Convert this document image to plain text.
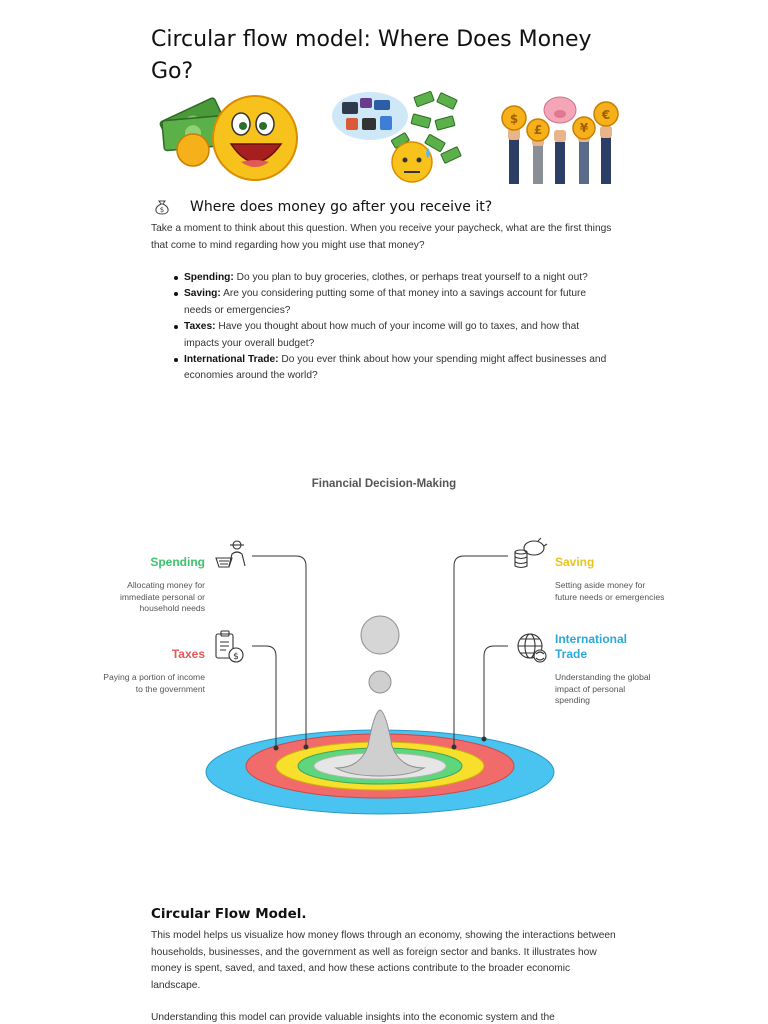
Circular flow model: Where Does Money Go?
$
£	¥
€
$ Where does money go after you receive it?

Take a moment to think about this question. When you receive your paycheck, what are the first things that come to mind regarding how you might use that money?

Spending: Do you plan to buy groceries, clothes, or perhaps treat yourself to a night out?
Saving: Are you considering putting some of that money into a savings account for future needs or emergencies?
Taxes: Have you thought about how much of your income will go to taxes, and how that impacts your overall budget?
International Trade: Do you ever think about how your spending might affect businesses and economies around the world?
Financial Decision-Making
$
Spending
Allocating money for immediate personal or household needs
Taxes
Paying a portion of income to the government
Saving
Setting aside money for future needs or emergencies
International
Trade
Understanding the global impact of personal spending
Circular Flow Model.

This model helps us visualize how money flows through an economy, showing the interactions between households, businesses, and the government as well as foreign sector and banks. It illustrates how money is spent, saved, and taxed, and how these actions contribute to the broader economic landscape.

Understanding this model can provide valuable insights into the economic system and the
